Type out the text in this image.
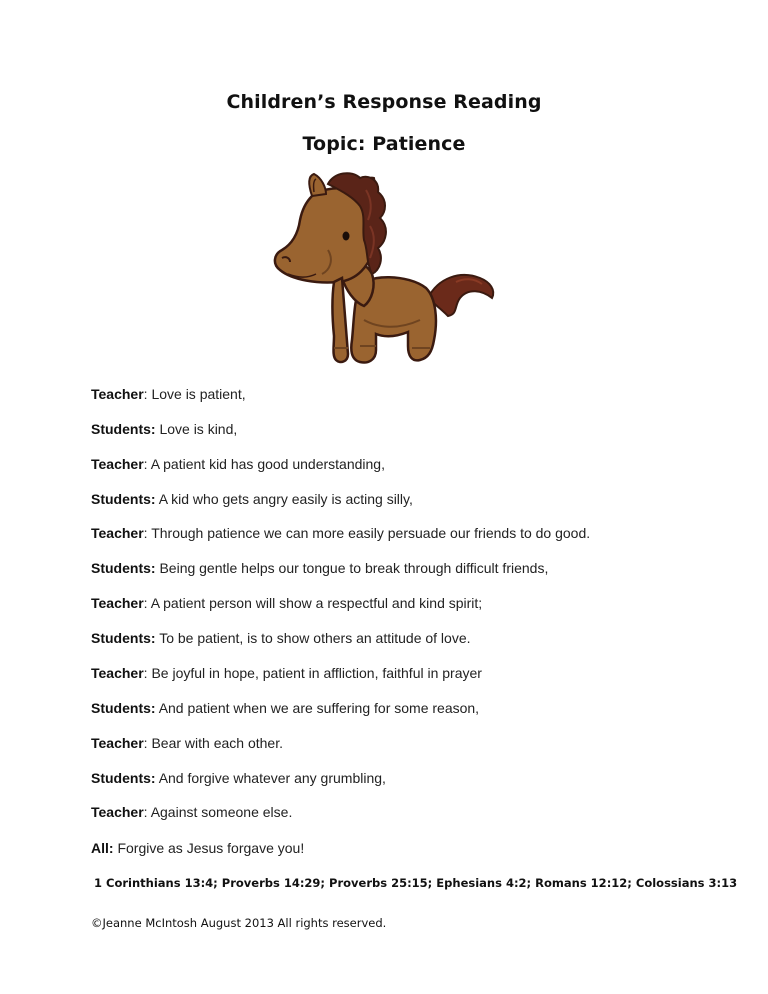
Children’s Response Reading
Topic: Patience
Teacher: Love is patient,
Students: Love is kind,
Teacher: A patient kid has good understanding,
Students: A kid who gets angry easily is acting silly,
Teacher: Through patience we can more easily persuade our friends to do good.
Students: Being gentle helps our tongue to break through difficult friends,
Teacher: A patient person will show a respectful and kind spirit;
Students: To be patient, is to show others an attitude of love.
Teacher: Be joyful in hope, patient in affliction, faithful in prayer
Students: And patient when we are suffering for some reason,
Teacher: Bear with each other.
Students: And forgive whatever any grumbling,
Teacher: Against someone else.
All: Forgive as Jesus forgave you!
1 Corinthians 13:4; Proverbs 14:29; Proverbs 25:15; Ephesians 4:2; Romans 12:12; Colossians 3:13
©Jeanne McIntosh August 2013 All rights reserved.
